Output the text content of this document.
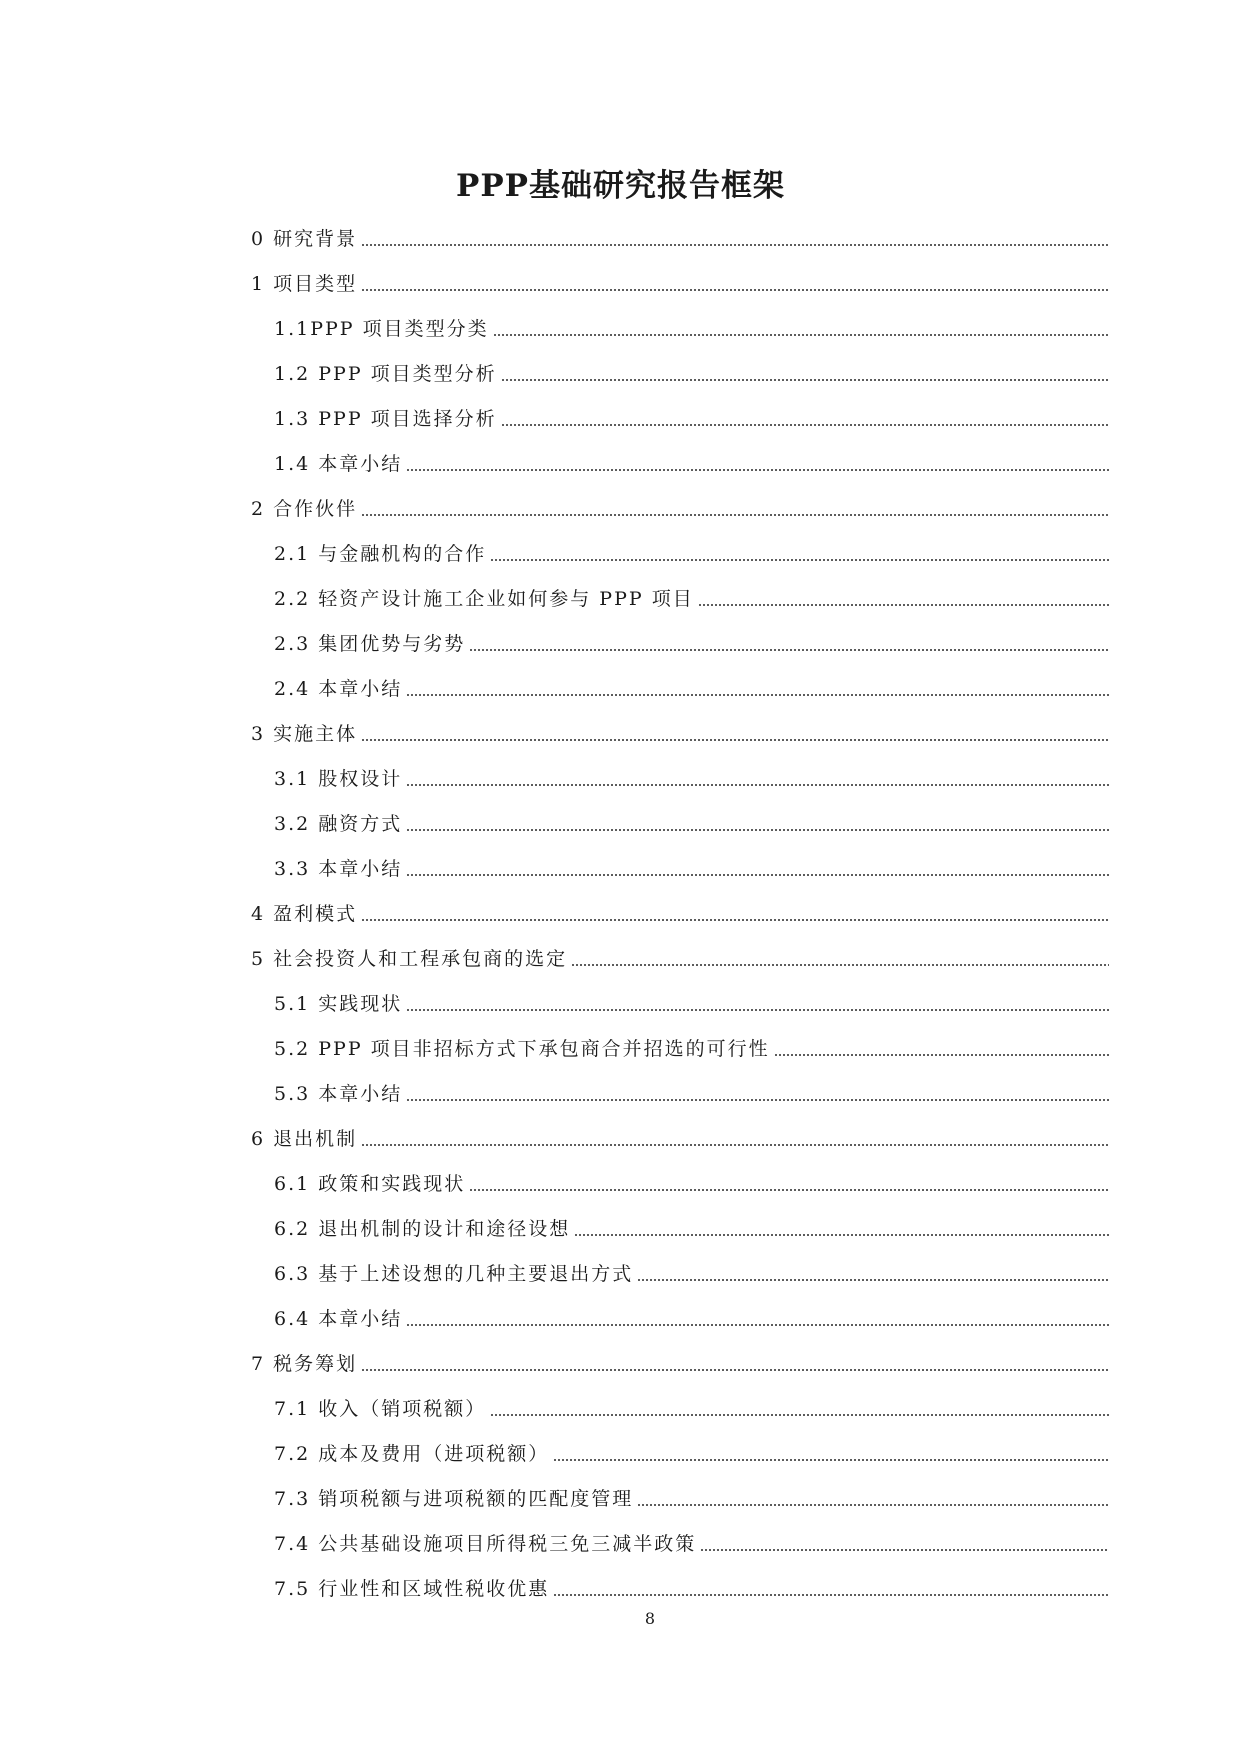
PPP基础研究报告框架
0 研究背景
1 项目类型
1.1PPP 项目类型分类
1.2 PPP 项目类型分析
1.3 PPP 项目选择分析
1.4 本章小结
2 合作伙伴
2.1 与金融机构的合作
2.2 轻资产设计施工企业如何参与 PPP 项目
2.3 集团优势与劣势
2.4 本章小结
3 实施主体
3.1 股权设计
3.2 融资方式
3.3 本章小结
4 盈利模式
5 社会投资人和工程承包商的选定
5.1 实践现状
5.2 PPP 项目非招标方式下承包商合并招选的可行性
5.3 本章小结
6 退出机制
6.1 政策和实践现状
6.2 退出机制的设计和途径设想
6.3 基于上述设想的几种主要退出方式
6.4 本章小结
7 税务筹划
7.1 收入（销项税额）
7.2 成本及费用（进项税额）
7.3 销项税额与进项税额的匹配度管理
7.4 公共基础设施项目所得税三免三减半政策
7.5 行业性和区域性税收优惠
8
